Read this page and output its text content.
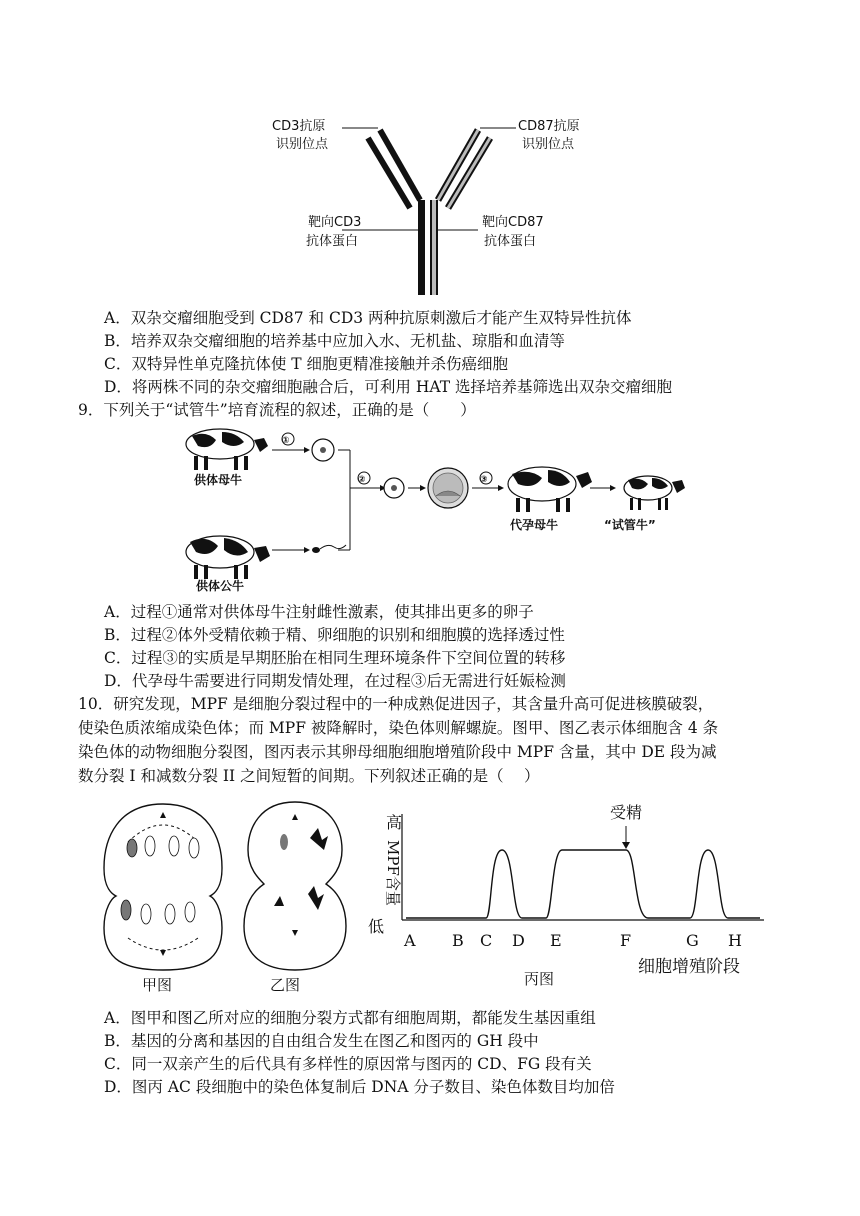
CD3抗原
识别位点
CD87抗原
识别位点
靶向CD3
抗体蛋白
靶向CD87
抗体蛋白
A．双杂交瘤细胞受到 CD87 和 CD3 两种抗原刺激后才能产生双特异性抗体
B．培养双杂交瘤细胞的培养基中应加入水、无机盐、琼脂和血清等
C．双特异性单克隆抗体使 T 细胞更精准接触并杀伤癌细胞
D．将两株不同的杂交瘤细胞融合后，可利用 HAT 选择培养基筛选出双杂交瘤细胞
9．下列关于“试管牛”培育流程的叙述，正确的是（　　）
供体母牛
①
供体公牛
②	③
代孕母牛	“试管牛”
A．过程①通常对供体母牛注射雌性激素，使其排出更多的卵子
B．过程②体外受精依赖于精、卵细胞的识别和细胞膜的选择透过性
C．过程③的实质是早期胚胎在相同生理环境条件下空间位置的转移
D．代孕母牛需要进行同期发情处理，在过程③后无需进行妊娠检测
10．研究发现，MPF 是细胞分裂过程中的一种成熟促进因子，其含量升高可促进核膜破裂，
使染色质浓缩成染色体；而 MPF 被降解时，染色体则解螺旋。图甲、图乙表示体细胞含 4 条
染色体的动物细胞分裂图，图丙表示其卵母细胞细胞增殖阶段中 MPF 含量，其中 DE 段为减
数分裂 I 和减数分裂 II 之间短暂的间期。下列叙述正确的是（　 ）
甲图	乙图
高
低
MPF含量
A B C D E	F	G H
受精
细胞增殖阶段
丙图
A．图甲和图乙所对应的细胞分裂方式都有细胞周期，都能发生基因重组
B．基因的分离和基因的自由组合发生在图乙和图丙的 GH 段中
C．同一双亲产生的后代具有多样性的原因常与图丙的 CD、FG 段有关
D．图丙 AC 段细胞中的染色体复制后 DNA 分子数目、染色体数目均加倍
